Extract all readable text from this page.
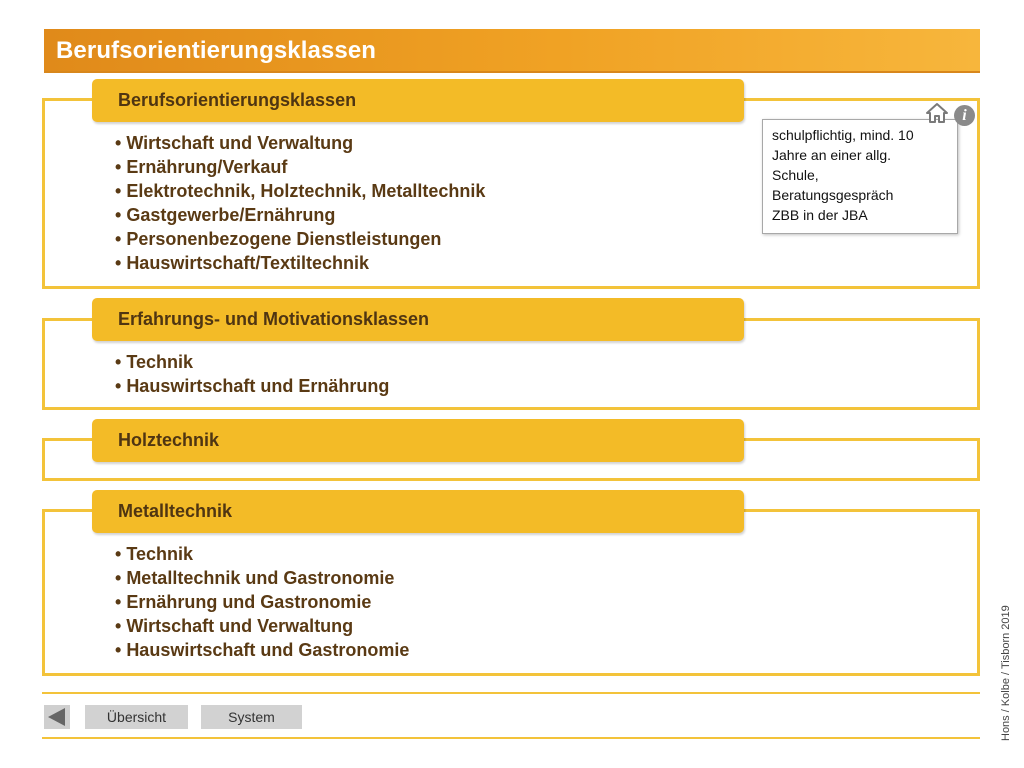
Berufsorientierungsklassen
Berufsorientierungsklassen
• Wirtschaft und Verwaltung
• Ernährung/Verkauf
• Elektrotechnik, Holztechnik, Metalltechnik
• Gastgewerbe/Ernährung
• Personenbezogene Dienstleistungen
• Hauswirtschaft/Textiltechnik
Erfahrungs- und Motivationsklassen
• Technik
• Hauswirtschaft und Ernährung
Holztechnik
Metalltechnik
• Technik
• Metalltechnik und Gastronomie
• Ernährung und Gastronomie
• Wirtschaft und Verwaltung
• Hauswirtschaft und Gastronomie
schulpflichtig, mind. 10
Jahre an einer allg.
Schule,
Beratungsgespräch
ZBB in der JBA
i
Übersicht	System	Hons / Kolbe / Tisborn 2019
